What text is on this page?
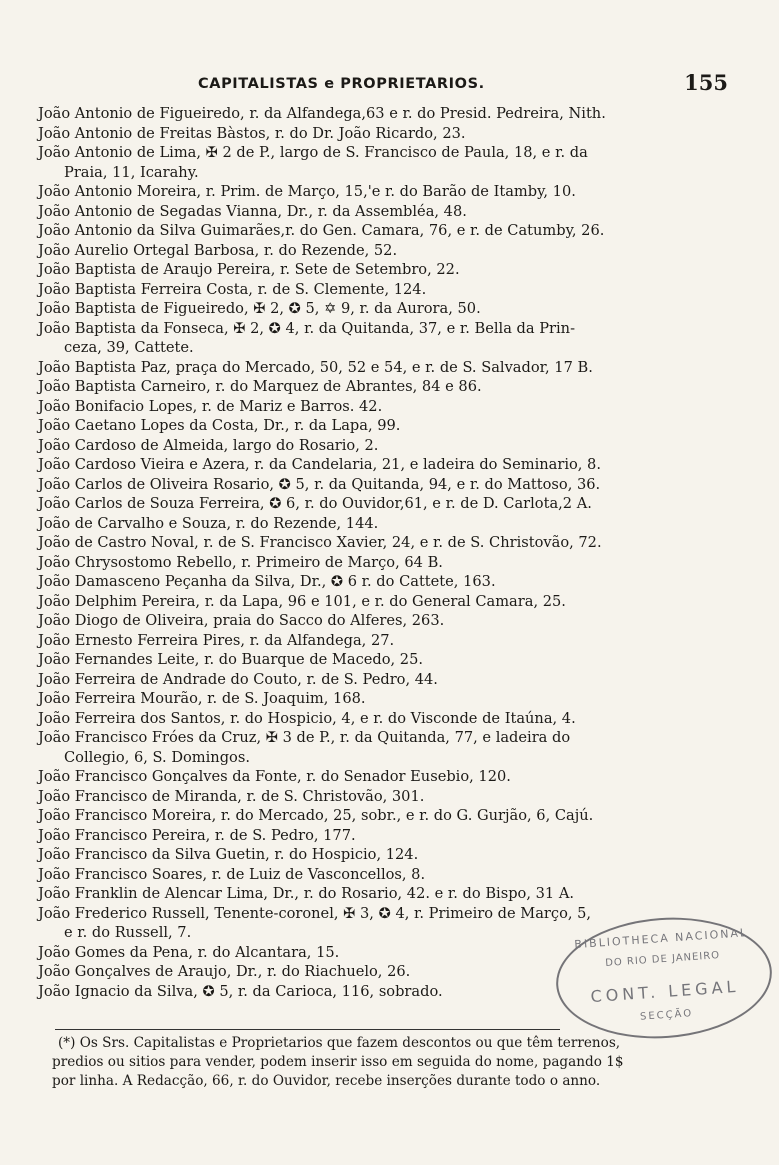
CAPITALISTAS e PROPRIETARIOS.	155
João Antonio de Figueiredo, r. da Alfandega,63 e r. do Presid. Pedreira, Nith.
João Antonio de Freitas Bàstos, r. do Dr. João Ricardo, 23.
João Antonio de Lima, ✠ 2 de P., largo de S. Francisco de Paula, 18, e r. da
Praia, 11, Icarahy.
João Antonio Moreira, r. Prim. de Março, 15,'e r. do Barão de Itamby, 10.
João Antonio de Segadas Vianna, Dr., r. da Assembléa, 48.
João Antonio da Silva Guimarães,r. do Gen. Camara, 76, e r. de Catumby, 26.
João Aurelio Ortegal Barbosa, r. do Rezende, 52.
João Baptista de Araujo Pereira, r. Sete de Setembro, 22.
João Baptista Ferreira Costa, r. de S. Clemente, 124.
João Baptista de Figueiredo, ✠ 2, ✪ 5, ✡ 9, r. da Aurora, 50.
João Baptista da Fonseca, ✠ 2, ✪ 4, r. da Quitanda, 37, e r. Bella da Prin-
ceza, 39, Cattete.
João Baptista Paz, praça do Mercado, 50, 52 e 54, e r. de S. Salvador, 17 B.
João Baptista Carneiro, r. do Marquez de Abrantes, 84 e 86.
João Bonifacio Lopes, r. de Mariz e Barros. 42.
João Caetano Lopes da Costa, Dr., r. da Lapa, 99.
João Cardoso de Almeida, largo do Rosario, 2.
João Cardoso Vieira e Azera, r. da Candelaria, 21, e ladeira do Seminario, 8.
João Carlos de Oliveira Rosario, ✪ 5, r. da Quitanda, 94, e r. do Mattoso, 36.
João Carlos de Souza Ferreira, ✪ 6, r. do Ouvidor,61, e r. de D. Carlota,2 A.
João de Carvalho e Souza, r. do Rezende, 144.
João de Castro Noval, r. de S. Francisco Xavier, 24, e r. de S. Christovão, 72.
João Chrysostomo Rebello, r. Primeiro de Março, 64 B.
João Damasceno Peçanha da Silva, Dr., ✪ 6 r. do Cattete, 163.
João Delphim Pereira, r. da Lapa, 96 e 101, e r. do General Camara, 25.
João Diogo de Oliveira, praia do Sacco do Alferes, 263.
João Ernesto Ferreira Pires, r. da Alfandega, 27.
João Fernandes Leite, r. do Buarque de Macedo, 25.
João Ferreira de Andrade do Couto, r. de S. Pedro, 44.
João Ferreira Mourão, r. de S. Joaquim, 168.
João Ferreira dos Santos, r. do Hospicio, 4, e r. do Visconde de Itaúna, 4.
João Francisco Fróes da Cruz, ✠ 3 de P., r. da Quitanda, 77, e ladeira do
Collegio, 6, S. Domingos.
João Francisco Gonçalves da Fonte, r. do Senador Eusebio, 120.
João Francisco de Miranda, r. de S. Christovão, 301.
João Francisco Moreira, r. do Mercado, 25, sobr., e r. do G. Gurjão, 6, Cajú.
João Francisco Pereira, r. de S. Pedro, 177.
João Francisco da Silva Guetin, r. do Hospicio, 124.
João Francisco Soares, r. de Luiz de Vasconcellos, 8.
João Franklin de Alencar Lima, Dr., r. do Rosario, 42. e r. do Bispo, 31 A.
João Frederico Russell, Tenente-coronel, ✠ 3, ✪ 4, r. Primeiro de Março, 5,
e r. do Russell, 7.
João Gomes da Pena, r. do Alcantara, 15.
João Gonçalves de Araujo, Dr., r. do Riachuelo, 26.
João Ignacio da Silva, ✪ 5, r. da Carioca, 116, sobrado.
(*) Os Srs. Capitalistas e Proprietarios que fazem descontos ou que têm terrenos,
predios ou sitios para vender, podem inserir isso em seguida do nome, pagando 1$
por linha. A Redacção, 66, r. do Ouvidor, recebe inserções durante todo o anno.
BIBLIOTHECA NACIONAL
DO RIO DE JANEIRO
CONT. LEGAL
SECÇÃO
